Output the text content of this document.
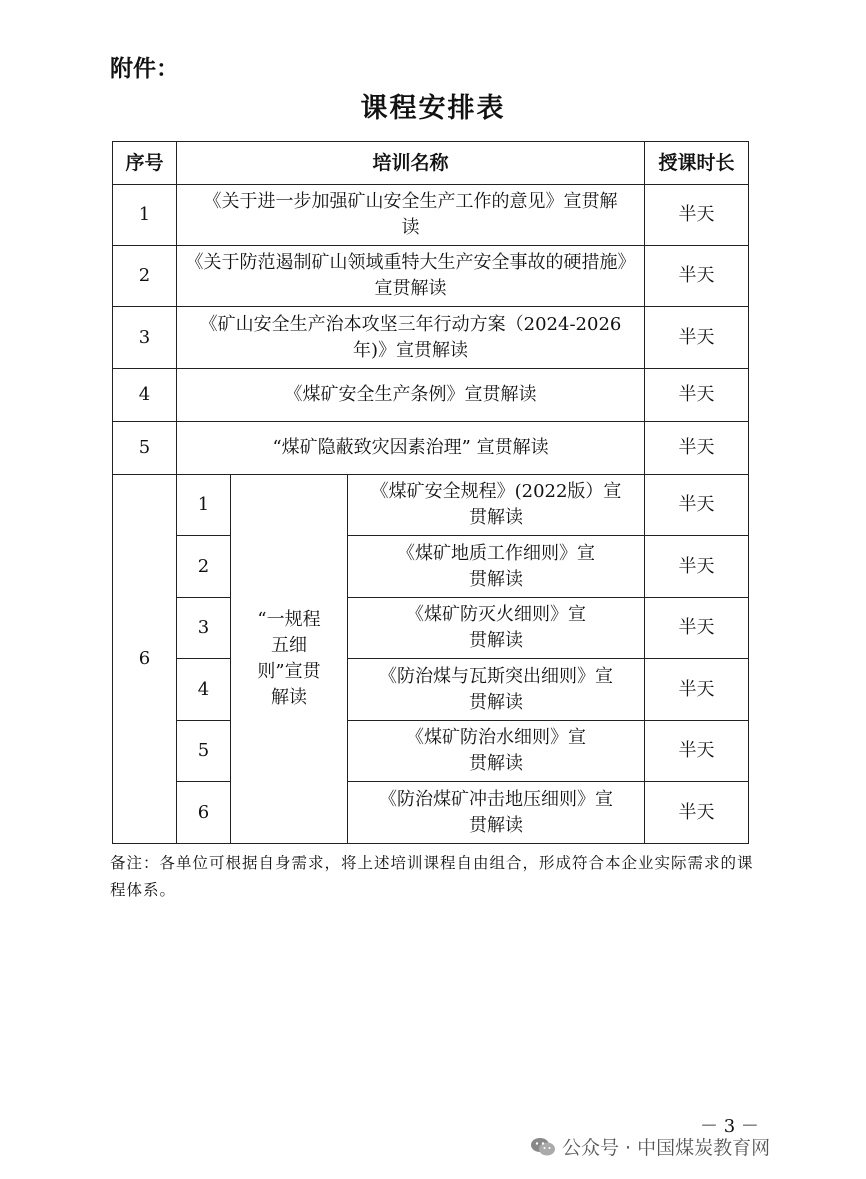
附件：
课程安排表
序号	培训名称			授课时长
1	《关于进一步加强矿山安全生产工作的意见》宣贯解读			半天
2	《关于防范遏制矿山领域重特大生产安全事故的硬措施》宣贯解读			半天
3	《矿山安全生产治本攻坚三年行动方案（2024-2026年)》宣贯解读			半天
4	《煤矿安全生产条例》宣贯解读			半天
5	“煤矿隐蔽致灾因素治理” 宣贯解读			半天
6	1	“一规程五细则”宣贯解读	《煤矿安全规程》(2022版）宣贯解读	半天
	2		《煤矿地质工作细则》宣贯解读	半天
	3		《煤矿防灭火细则》宣贯解读	半天
	4		《防治煤与瓦斯突出细则》宣贯解读	半天
	5		《煤矿防治水细则》宣贯解读	半天
	6		《防治煤矿冲击地压细则》宣贯解读	半天
备注：各单位可根据自身需求，将上述培训课程自由组合，形成符合本企业实际需求的课程体系。
－ 3 －
公众号 · 中国煤炭教育网
